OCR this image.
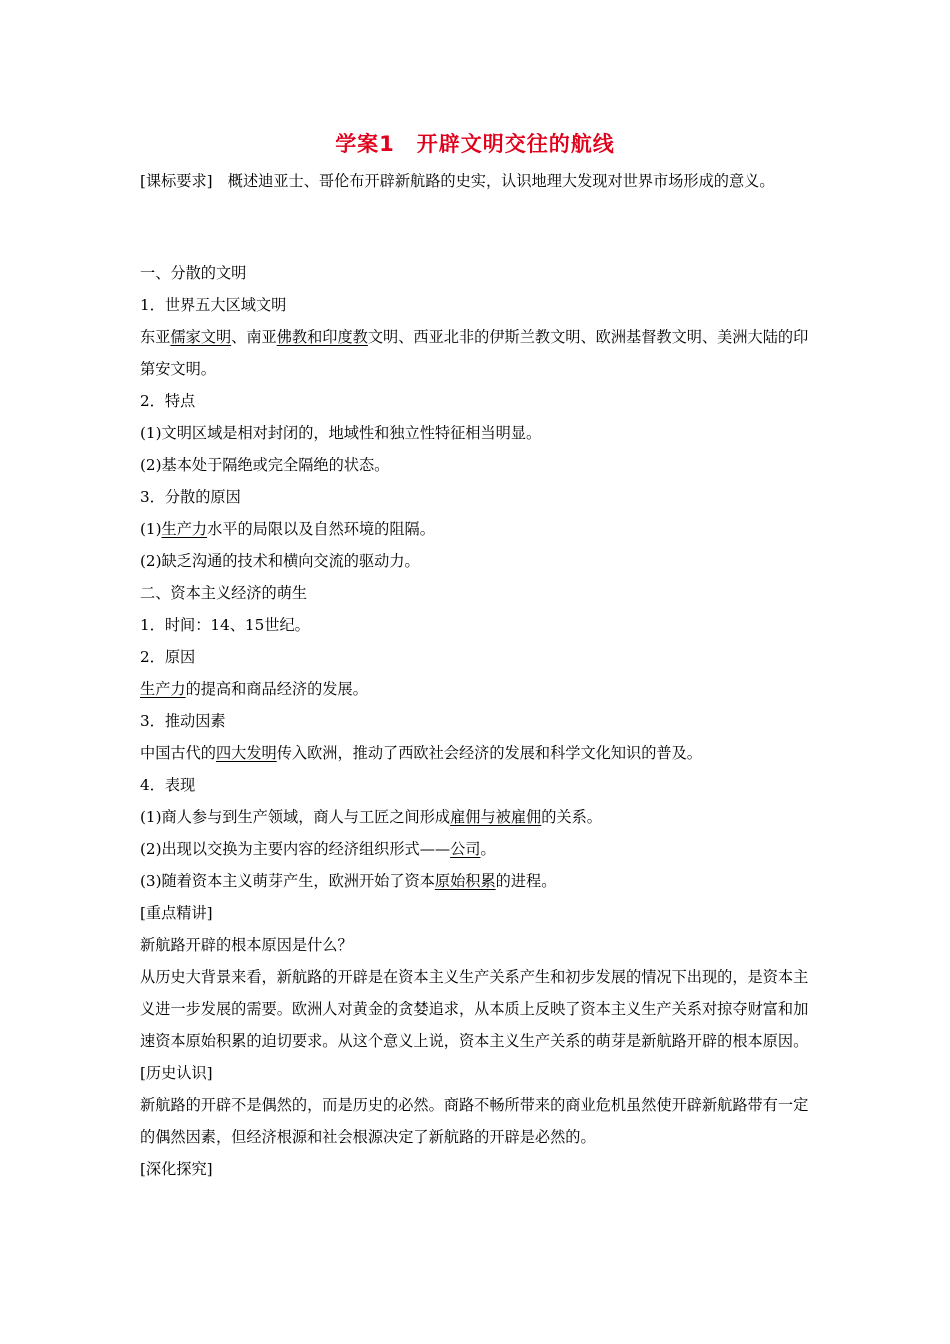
学案1　开辟文明交往的航线

[课标要求]　概述迪亚士、哥伦布开辟新航路的史实，认识地理大发现对世界市场形成的意义。

一、分散的文明

1．世界五大区域文明

东亚儒家文明、南亚佛教和印度教文明、西亚北非的伊斯兰教文明、欧洲基督教文明、美洲大陆的印第安文明。

2．特点

(1)文明区域是相对封闭的，地域性和独立性特征相当明显。

(2)基本处于隔绝或完全隔绝的状态。

3．分散的原因

(1)生产力水平的局限以及自然环境的阻隔。

(2)缺乏沟通的技术和横向交流的驱动力。

二、资本主义经济的萌生

1．时间：14、15世纪。

2．原因

生产力的提高和商品经济的发展。

3．推动因素

中国古代的四大发明传入欧洲，推动了西欧社会经济的发展和科学文化知识的普及。

4．表现

(1)商人参与到生产领域，商人与工匠之间形成雇佣与被雇佣的关系。

(2)出现以交换为主要内容的经济组织形式——公司。

(3)随着资本主义萌芽产生，欧洲开始了资本原始积累的进程。

[重点精讲]

新航路开辟的根本原因是什么？

从历史大背景来看，新航路的开辟是在资本主义生产关系产生和初步发展的情况下出现的，是资本主义进一步发展的需要。欧洲人对黄金的贪婪追求，从本质上反映了资本主义生产关系对掠夺财富和加速资本原始积累的迫切要求。从这个意义上说，资本主义生产关系的萌芽是新航路开辟的根本原因。

[历史认识]

新航路的开辟不是偶然的，而是历史的必然。商路不畅所带来的商业危机虽然使开辟新航路带有一定的偶然因素，但经济根源和社会根源决定了新航路的开辟是必然的。

[深化探究]
